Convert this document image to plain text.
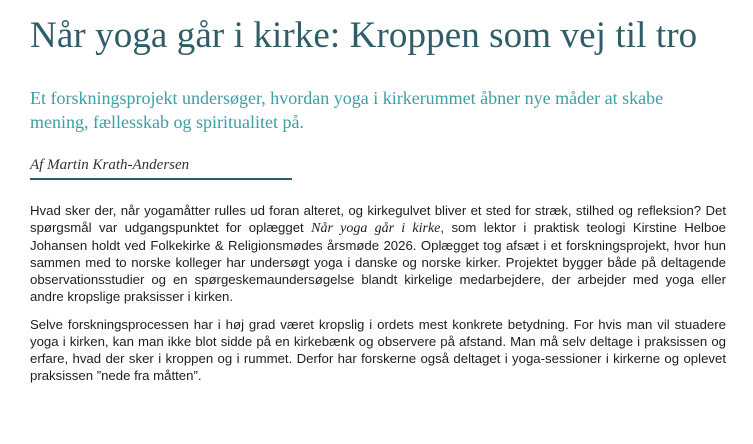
Når yoga går i kirke: Kroppen som vej til tro
Et forskningsprojekt undersøger, hvordan yoga i kirkerummet åbner nye måder at skabe mening, fællesskab og spiritualitet på.
Af Martin Krath-Andersen

Hvad sker der, når yogamåtter rulles ud foran alteret, og kirkegulvet bliver et sted for stræk, stilhed og refleksion? Det spørgsmål var udgangspunktet for oplægget Når yoga går i kirke, som lektor i praktisk teologi Kirstine Helboe Johansen holdt ved Folkekirke & Religionsmødes årsmøde 2026. Oplægget tog afsæt i et forskningsprojekt, hvor hun sammen med to norske kolleger har undersøgt yoga i danske og norske kirker. Projektet bygger både på deltagende observationsstudier og en spørgeskemaundersøgelse blandt kirkelige medarbejdere, der arbejder med yoga eller andre kropslige praksisser i kirken.

Selve forskningsprocessen har i høj grad været kropslig i ordets mest konkrete betydning. For hvis man vil stuadere yoga i kirken, kan man ikke blot sidde på en kirkebænk og observere på afstand. Man må selv deltage i praksissen og erfare, hvad der sker i kroppen og i rummet. Derfor har forskerne også deltaget i yoga-sessioner i kirkerne og oplevet praksissen ”nede fra måtten”.
